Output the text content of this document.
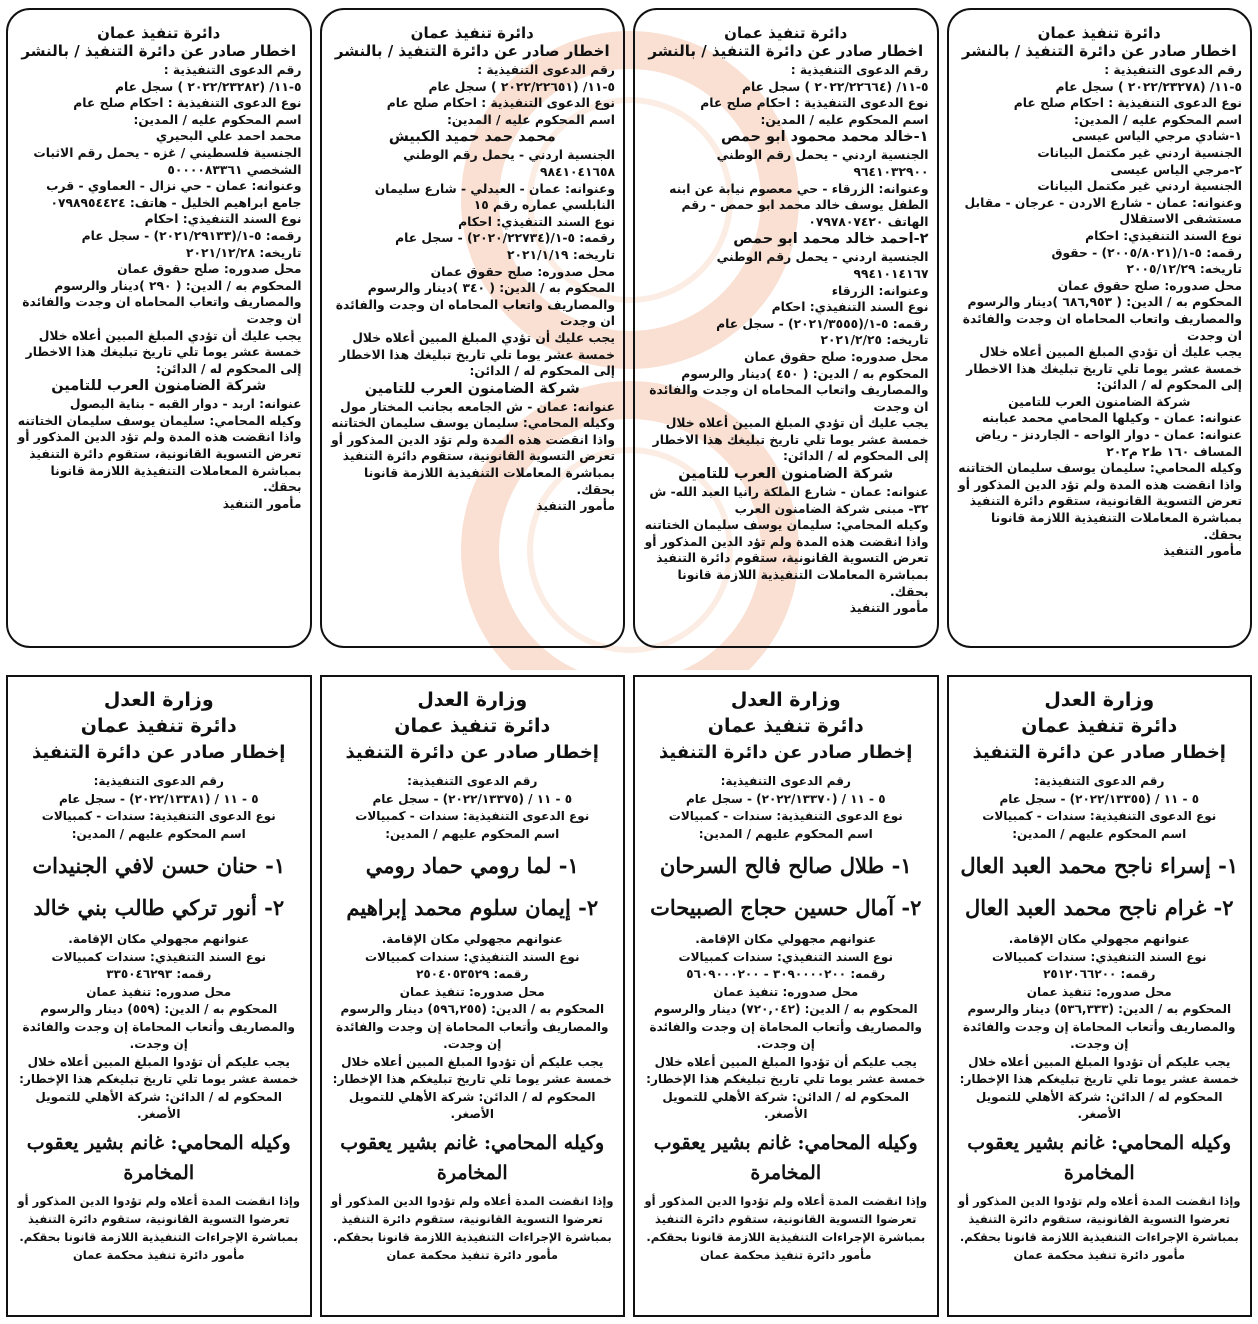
دائرة تنفيذ عمان
اخطار صادر عن دائرة التنفيذ / بالنشر
رقم الدعوى التنفيذية :
٥-١١/ (٢٠٢٢/٢٣٢٨٢ ) سجل عام
نوع الدعوى التنفيذية : احكام صلح عام
اسم المحكوم عليه / المدين:
محمد احمد علي البحيري
الجنسية فلسطيني / غزه - يحمل رقم الاثبات الشخصي ٥٠٠٠٠٨٣٣٦١
وعنوانه: عمان - حي نزال - العماوي - قرب جامع ابراهيم الخليل - هاتف: ٠٧٩٨٩٥٤٤٢٤
نوع السند التنفيذي: احكام
رقمه: ٥-١/(٢٠٢١/٢٩١٣٣) - سجل عام
تاريخه: ٢٠٢١/١٢/٢٨
محل صدوره: صلح حقوق عمان
المحكوم به / الدين: ( ٢٩٠ )دينار والرسوم والمصاريف واتعاب المحاماه ان وجدت والفائدة ان وجدت
يجب عليك أن تؤدي المبلغ المبين أعلاه خلال خمسة عشر يوما تلي تاريخ تبليغك هذا الاخطار إلى المحكوم له / الدائن:
شركة الضامنون العرب للتامين
عنوانه: اربد - دوار القبه - بناية البصول
وكيله المحامي: سليمان يوسف سليمان الختاتنه
واذا انقضت هذه المدة ولم تؤد الدين المذكور أو تعرض التسوية القانونية، ستقوم دائرة التنفيذ بمباشرة المعاملات التنفيذية اللازمة قانونا بحقك.
مأمور التنفيذ
دائرة تنفيذ عمان
اخطار صادر عن دائرة التنفيذ / بالنشر
رقم الدعوى التنفيذية :
٥-١١/ (٢٠٢٢/٢٢٦٥١ ) سجل عام
نوع الدعوى التنفيذية : احكام صلح عام
اسم المحكوم عليه / المدين:
محمد حمد حميد الكبيش
الجنسية اردني - يحمل رقم الوطني ٩٨٤١٠٤١٦٥٨
وعنوانه: عمان - العبدلي - شارع سليمان النابلسي عماره رقم ١٥
نوع السند التنفيذي: احكام
رقمه: ٥-١/(٢٠٢٠/٢٢٧٣٤) - سجل عام
تاريخه: ٢٠٢١/١/١٩
محل صدوره: صلح حقوق عمان
المحكوم به / الدين: ( ٣٤٠ )دينار والرسوم والمصاريف واتعاب المحاماه ان وجدت والفائدة ان وجدت
يجب عليك أن تؤدي المبلغ المبين أعلاه خلال خمسة عشر يوما تلي تاريخ تبليغك هذا الاخطار إلى المحكوم له / الدائن:
شركة الضامنون العرب للتامين
عنوانه: عمان - ش الجامعه بجانب المختار مول
وكيله المحامي: سليمان يوسف سليمان الختاتنه
واذا انقضت هذه المدة ولم تؤد الدين المذكور أو تعرض التسوية القانونية، ستقوم دائرة التنفيذ بمباشرة المعاملات التنفيذية اللازمة قانونا بحقك.
مأمور التنفيذ
دائرة تنفيذ عمان
اخطار صادر عن دائرة التنفيذ / بالنشر
رقم الدعوى التنفيذية :
٥-١١/ (٢٠٢٢/٢٢٦٦٤ ) سجل عام
نوع الدعوى التنفيذية : احكام صلح عام
اسم المحكوم عليه / المدين:
١-خالد محمد محمود ابو حمص
الجنسية اردني - يحمل رقم الوطني ٩٦٤١٠٣٢٩٠٠
وعنوانه: الزرقاء - حي معصوم نيابة عن ابنه الطفل يوسف خالد محمد ابو حمص - رقم الهاتف ٠٧٩٧٨٠٧٤٢٠
٢-احمد خالد محمد ابو حمص
الجنسية اردني - يحمل رقم الوطني ٩٩٤١٠١٤١٦٧
وعنوانه: الزرقاء
نوع السند التنفيذي: احكام
رقمه: ٥-١/(٢٠٢١/٣٥٥٥) - سجل عام
تاريخه: ٢٠٢١/٢/٢٥
محل صدوره: صلح حقوق عمان
المحكوم به / الدين: ( ٤٥٠ )دينار والرسوم والمصاريف واتعاب المحاماه ان وجدت والفائدة ان وجدت
يجب عليك أن تؤدي المبلغ المبين أعلاه خلال خمسة عشر يوما تلي تاريخ تبليغك هذا الاخطار إلى المحكوم له / الدائن:
شركة الضامنون العرب للتامين
عنوانه: عمان - شارع الملكة رانيا العبد الله- ش ٣٢- مبنى شركة الضامنون العرب
وكيله المحامي: سليمان يوسف سليمان الختاتنه
واذا انقضت هذه المدة ولم تؤد الدين المذكور أو تعرض التسوية القانونية، ستقوم دائرة التنفيذ بمباشرة المعاملات التنفيذية اللازمة قانونا بحقك.
مأمور التنفيذ
دائرة تنفيذ عمان
اخطار صادر عن دائرة التنفيذ / بالنشر
رقم الدعوى التنفيذية :
٥-١١/ (٢٠٢٢/٢٣٢٧٨ ) سجل عام
نوع الدعوى التنفيذية : احكام صلح عام
اسم المحكوم عليه / المدين:
١-شادي مرجي الياس عيسى
الجنسية اردني غير مكتمل البيانات
٢-مرجي الياس عيسى
الجنسية اردني غير مكتمل البيانات
وعنوانه: عمان - شارع الاردن - عرجان - مقابل مستشفى الاستقلال
نوع السند التنفيذي: احكام
رقمه: ٥-١/(٢٠٠٥/٨٠٢١) - حقوق
تاريخه: ٢٠٠٥/١٢/٢٩
محل صدوره: صلح حقوق عمان
المحكوم به / الدين: ( ٦٨٦,٩٥٣ )دينار والرسوم والمصاريف واتعاب المحاماه ان وجدت والفائدة ان وجدت
يجب عليك أن تؤدي المبلغ المبين أعلاه خلال خمسة عشر يوما تلي تاريخ تبليغك هذا الاخطار إلى المحكوم له / الدائن:
شركة الضامنون العرب للتامين
عنوانه: عمان - وكيلها المحامي محمد عبابنه
عنوانه: عمان - دوار الواحه - الجاردنز - رياض المساف ١٦٠ ط٢ م٢٠٢
وكيله المحامي: سليمان يوسف سليمان الختاتنه
واذا انقضت هذه المدة ولم تؤد الدين المذكور أو تعرض التسوية القانونية، ستقوم دائرة التنفيذ بمباشرة المعاملات التنفيذية اللازمة قانونا بحقك.
مأمور التنفيذ
وزارة العدل
دائرة تنفيذ عمان
إخطار صادر عن دائرة التنفيذ
رقم الدعوى التنفيذية:
٥ - ١١ / (٢٠٢٢/١٣٣٨١) - سجل عام
نوع الدعوى التنفيذية: سندات - كمبيالات
اسم المحكوم عليهم / المدين:
١- حنان حسن لافي الجنيدات
٢- أنور تركي طالب بني خالد
عنوانهم مجهولي مكان الإقامة.
نوع السند التنفيذي: سندات كمبيالات
رقمه: ٣٣٥٠٤٦٢٩٣
محل صدوره: تنفيذ عمان
المحكوم به / الدين: (٥٥٩) دينار والرسوم والمصاريف وأتعاب المحاماة إن وجدت والفائدة إن وجدت.
يجب عليكم أن تؤدوا المبلغ المبين أعلاه خلال خمسة عشر يوما تلي تاريخ تبليغكم هذا الإخطار:
المحكوم له / الدائن: شركة الأهلي للتمويل الأصغر.
وكيله المحامي: غانم بشير يعقوب المخامرة
وإذا انقضت المدة أعلاه ولم تؤدوا الدين المذكور أو تعرضوا التسوية القانونية، ستقوم دائرة التنفيذ بمباشرة الإجراءات التنفيذية اللازمة قانونا بحقكم.
مأمور دائرة تنفيذ محكمة عمان
وزارة العدل
دائرة تنفيذ عمان
إخطار صادر عن دائرة التنفيذ
رقم الدعوى التنفيذية:
٥ - ١١ / (٢٠٢٢/١٣٣٧٥) - سجل عام
نوع الدعوى التنفيذية: سندات - كمبيالات
اسم المحكوم عليهم / المدين:
١- لما رومي حماد رومي
٢- إيمان سلوم محمد إبراهيم
عنوانهم مجهولي مكان الإقامة.
نوع السند التنفيذي: سندات كمبيالات
رقمه: ٢٥٠٤٠٥٣٥٢٩
محل صدوره: تنفيذ عمان
المحكوم به / الدين: (٥٩٦,٢٥٥) دينار والرسوم والمصاريف وأتعاب المحاماة إن وجدت والفائدة إن وجدت.
يجب عليكم أن تؤدوا المبلغ المبين أعلاه خلال خمسة عشر يوما تلي تاريخ تبليغكم هذا الإخطار:
المحكوم له / الدائن: شركة الأهلي للتمويل الأصغر.
وكيله المحامي: غانم بشير يعقوب المخامرة
وإذا انقضت المدة أعلاه ولم تؤدوا الدين المذكور أو تعرضوا التسوية القانونية، ستقوم دائرة التنفيذ بمباشرة الإجراءات التنفيذية اللازمة قانونا بحقكم.
مأمور دائرة تنفيذ محكمة عمان
وزارة العدل
دائرة تنفيذ عمان
إخطار صادر عن دائرة التنفيذ
رقم الدعوى التنفيذية:
٥ - ١١ / (٢٠٢٢/١٣٣٧٠) - سجل عام
نوع الدعوى التنفيذية: سندات - كمبيالات
اسم المحكوم عليهم / المدين:
١- طلال صالح فالح السرحان
٢- آمال حسين حجاج الصبيحات
عنوانهم مجهولي مكان الإقامة.
نوع السند التنفيذي: سندات كمبيالات
رقمه: ٣٠٩٠٠٠٠٢٠٠ - ٥٦٠٩٠٠٠٢٠٠
محل صدوره: تنفيذ عمان
المحكوم به / الدين: (٧٢٠,٠٤٢) دينار والرسوم والمصاريف وأتعاب المحاماة إن وجدت والفائدة إن وجدت.
يجب عليكم أن تؤدوا المبلغ المبين أعلاه خلال خمسة عشر يوما تلي تاريخ تبليغكم هذا الإخطار:
المحكوم له / الدائن: شركة الأهلي للتمويل الأصغر.
وكيله المحامي: غانم بشير يعقوب المخامرة
وإذا انقضت المدة أعلاه ولم تؤدوا الدين المذكور أو تعرضوا التسوية القانونية، ستقوم دائرة التنفيذ بمباشرة الإجراءات التنفيذية اللازمة قانونا بحقكم.
مأمور دائرة تنفيذ محكمة عمان
وزارة العدل
دائرة تنفيذ عمان
إخطار صادر عن دائرة التنفيذ
رقم الدعوى التنفيذية:
٥ - ١١ / (٢٠٢٢/١٣٣٥٥) - سجل عام
نوع الدعوى التنفيذية: سندات - كمبيالات
اسم المحكوم عليهم / المدين:
١- إسراء ناجح محمد العبد العال
٢- غرام ناجح محمد العبد العال
عنوانهم مجهولي مكان الإقامة.
نوع السند التنفيذي: سندات كمبيالات
رقمه: ٢٥١٢٠٦٦٢٠٠
محل صدوره: تنفيذ عمان
المحكوم به / الدين: (٥٣٦,٣٣٣) دينار والرسوم والمصاريف وأتعاب المحاماة إن وجدت والفائدة إن وجدت.
يجب عليكم أن تؤدوا المبلغ المبين أعلاه خلال خمسة عشر يوما تلي تاريخ تبليغكم هذا الإخطار:
المحكوم له / الدائن: شركة الأهلي للتمويل الأصغر.
وكيله المحامي: غانم بشير يعقوب المخامرة
وإذا انقضت المدة أعلاه ولم تؤدوا الدين المذكور أو تعرضوا التسوية القانونية، ستقوم دائرة التنفيذ بمباشرة الإجراءات التنفيذية اللازمة قانونا بحقكم.
مأمور دائرة تنفيذ محكمة عمان
